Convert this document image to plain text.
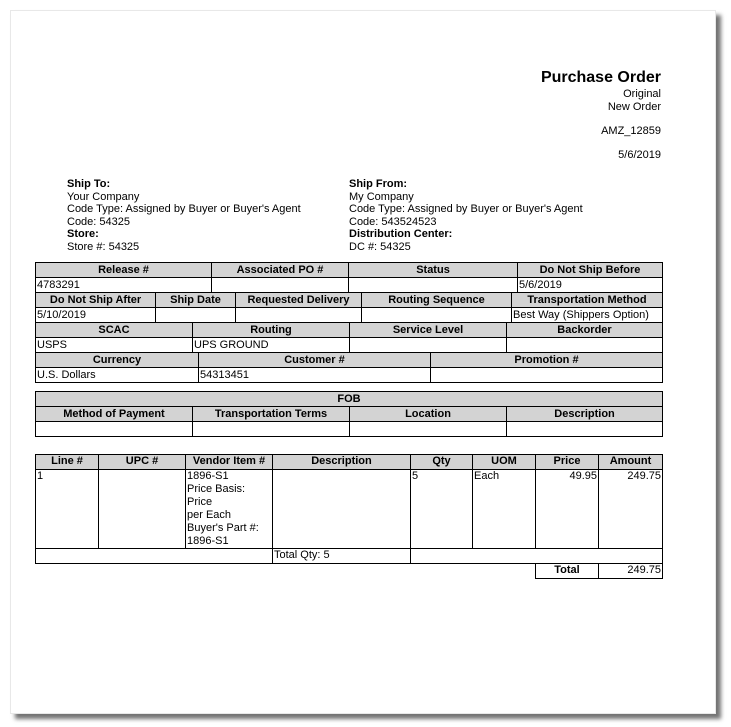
Purchase Order
Original
New Order
AMZ_12859
5/6/2019
Ship To:
Your Company
Code Type: Assigned by Buyer or Buyer's Agent
Code: 54325
Store:
Store #: 54325
Ship From:
My Company
Code Type: Assigned by Buyer or Buyer's Agent
Code: 543524523
Distribution Center:
DC #: 54325
Release #	Associated PO #	Status	Do Not Ship Before
4783291			5/6/2019
Do Not Ship After	Ship Date	Requested Delivery	Routing Sequence	Transportation Method
5/10/2019				Best Way (Shippers Option)
SCAC	Routing	Service Level	Backorder
USPS	UPS GROUND		
Currency	Customer #	Promotion #
U.S. Dollars	54313451	
FOB			
Method of Payment	Transportation Terms	Location	Description

Line #	UPC #	Vendor Item #	Description	Qty	UOM	Price	Amount
1		1896-S1
Price Basis: Price
per Each
Buyer's Part #:
1896-S1		5	Each	49.95	249.75
			Total Qty: 5				
						Total	249.75
